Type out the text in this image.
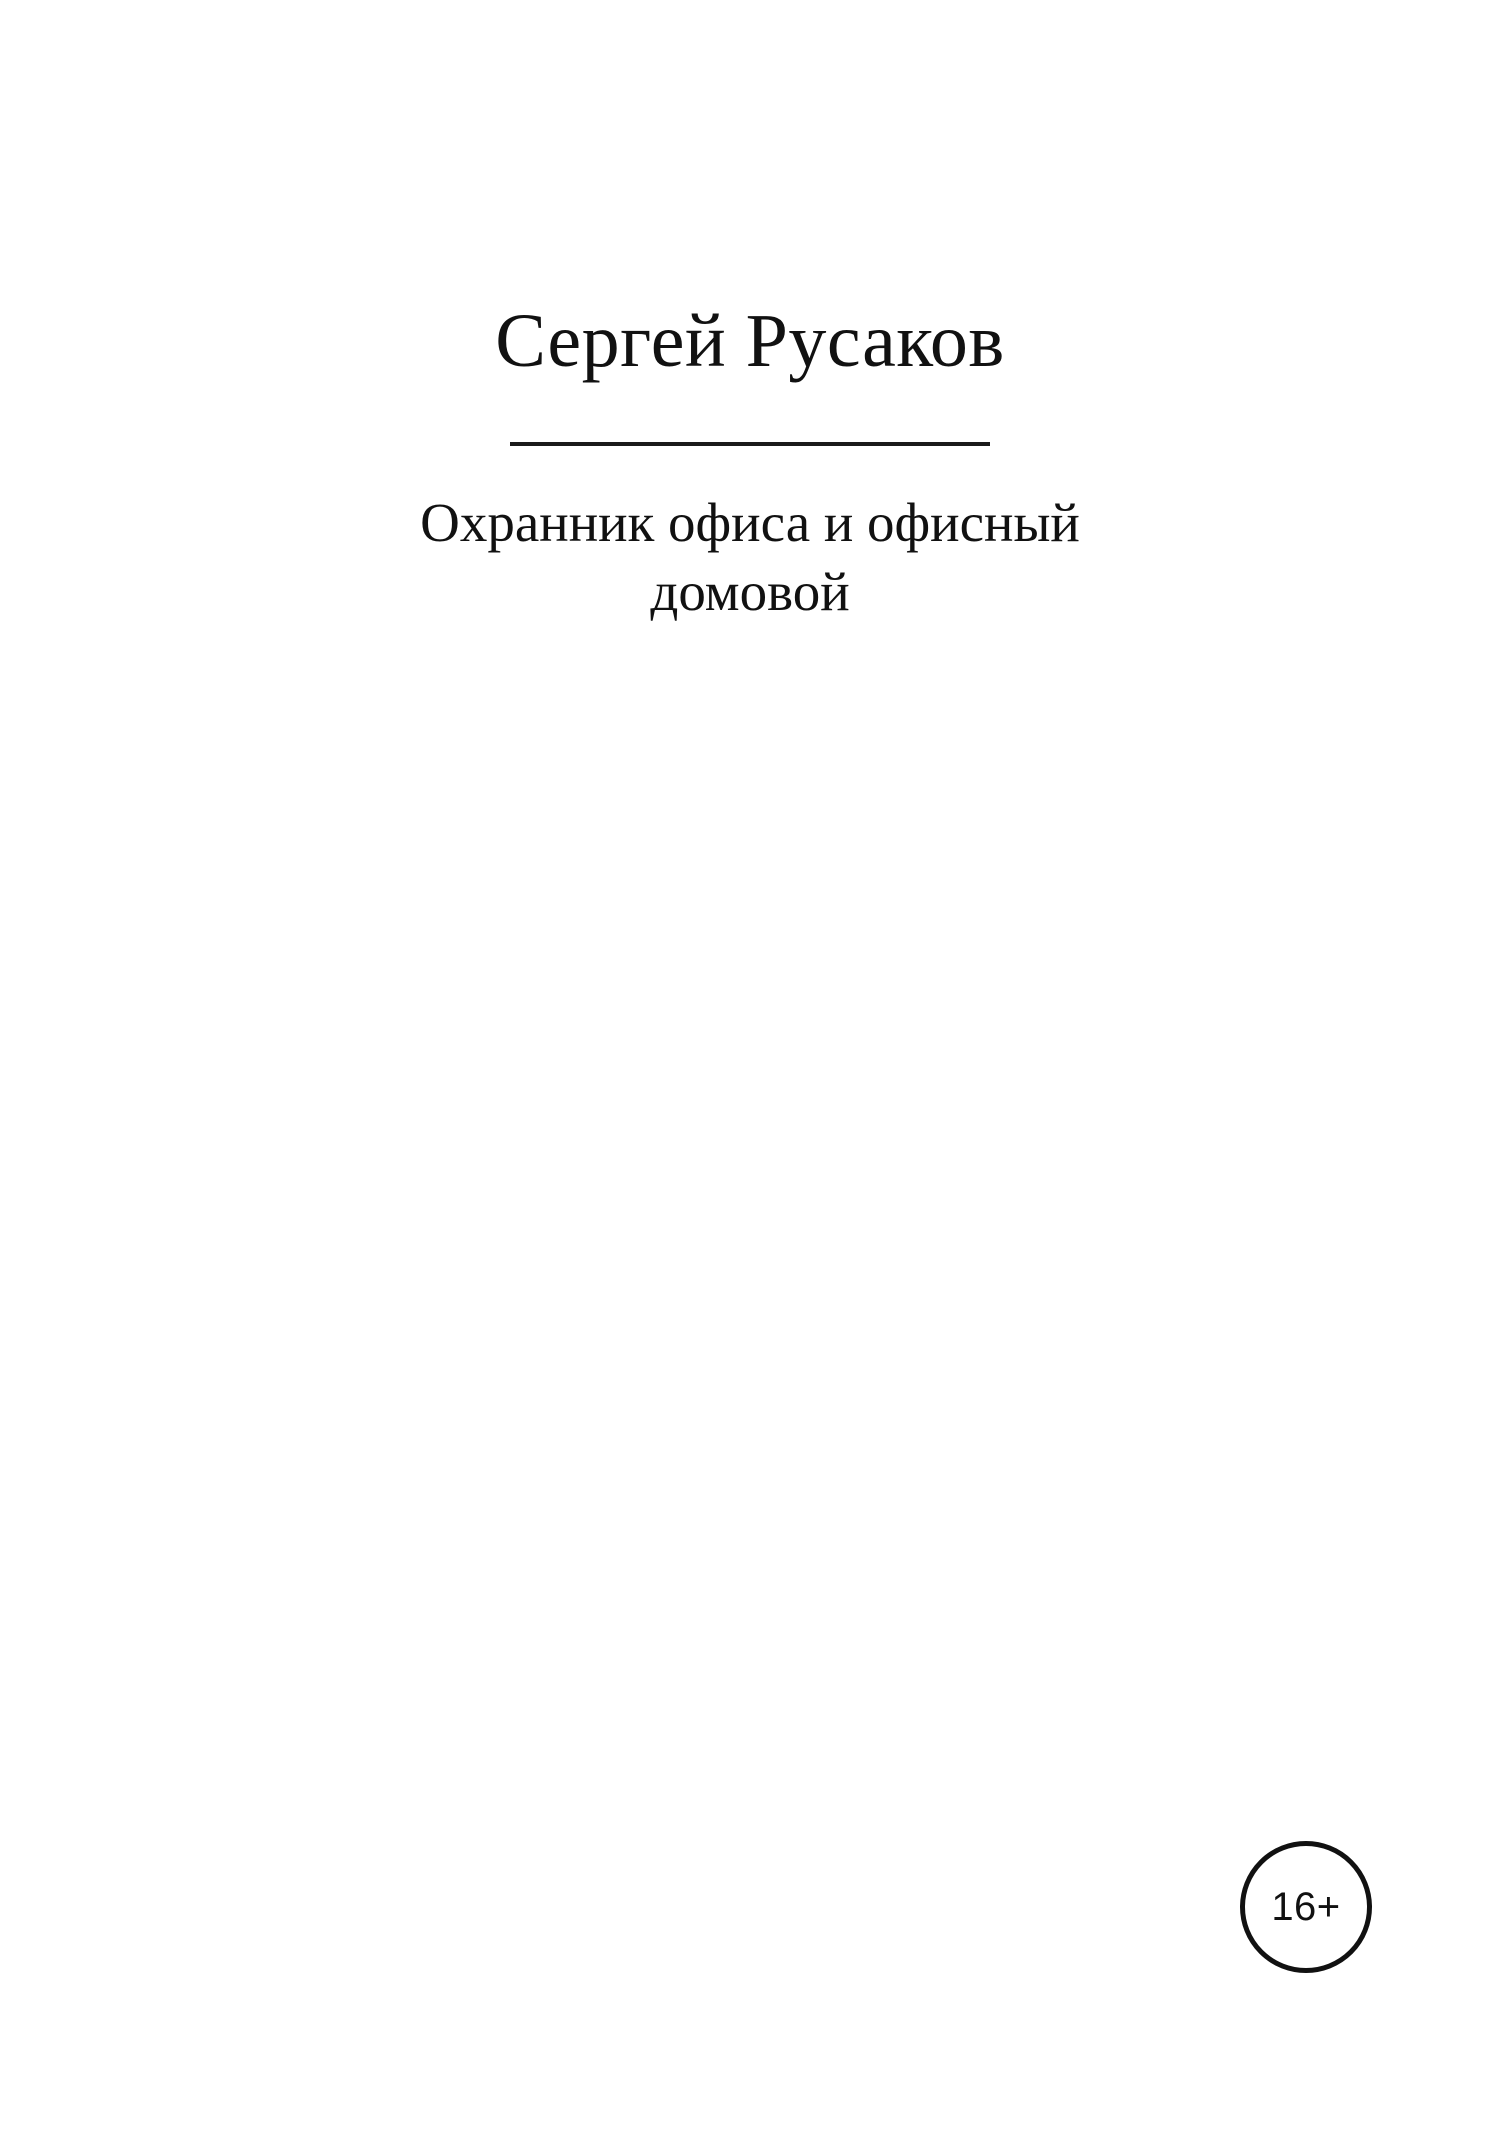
Сергей Русаков
Охранник офиса и офисный домовой
16+
